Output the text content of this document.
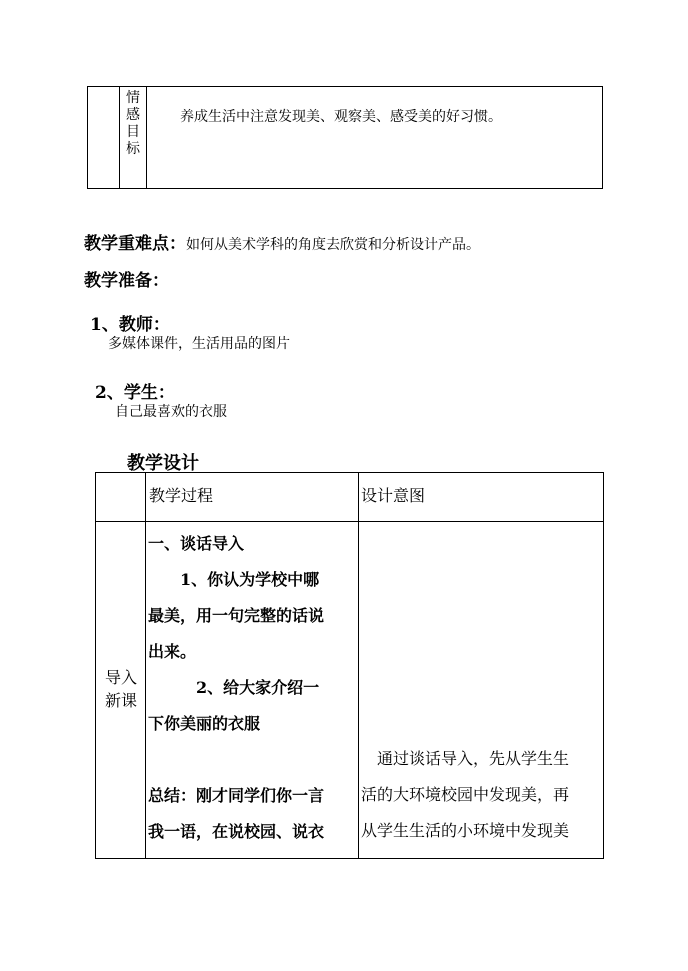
情
感
目
标
养成生活中注意发现美、观察美、感受美的好习惯。
教学重难点：如何从美术学科的角度去欣赏和分析设计产品。
教学准备：
1、教师：
多媒体课件，生活用品的图片
2、学生：
自己最喜欢的衣服
教学设计
教学过程	设计意图
导入
新课
一、谈话导入
　　1、你认为学校中哪
最美，用一句完整的话说
出来。
　　　2、给大家介绍一
下你美丽的衣服
总结：刚才同学们你一言
我一语，在说校园、说衣
　通过谈话导入，先从学生生
活的大环境校园中发现美，再
从学生生活的小环境中发现美
